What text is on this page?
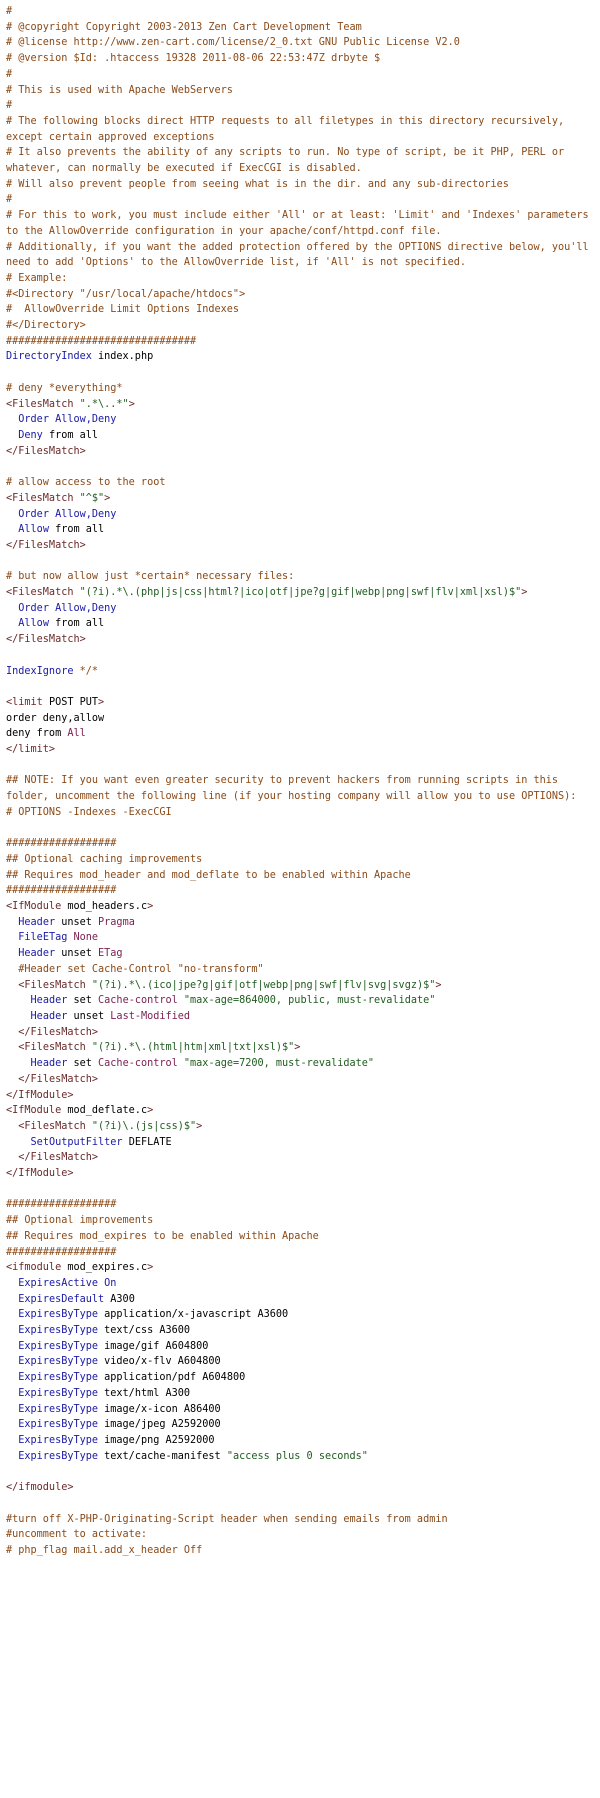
#
# @copyright Copyright 2003-2013 Zen Cart Development Team
# @license http://www.zen-cart.com/license/2_0.txt GNU Public License V2.0
# @version $Id: .htaccess 19328 2011-08-06 22:53:47Z drbyte $
#
# This is used with Apache WebServers
#
# The following blocks direct HTTP requests to all filetypes in this directory recursively, except certain approved exceptions
# It also prevents the ability of any scripts to run. No type of script, be it PHP, PERL or whatever, can normally be executed if ExecCGI is disabled.
# Will also prevent people from seeing what is in the dir. and any sub-directories
#
# For this to work, you must include either 'All' or at least: 'Limit' and 'Indexes' parameters to the AllowOverride configuration in your apache/conf/httpd.conf file.
# Additionally, if you want the added protection offered by the OPTIONS directive below, you'll need to add 'Options' to the AllowOverride list, if 'All' is not specified.
# Example:
#<Directory "/usr/local/apache/htdocs">
#  AllowOverride Limit Options Indexes
#</Directory>
###############################
DirectoryIndex index.php
# deny *everything*
<FilesMatch ".*\..*">
Order Allow,Deny
Deny from all
</FilesMatch>
# allow access to the root
<FilesMatch "^$">
Order Allow,Deny
Allow from all
</FilesMatch>
# but now allow just *certain* necessary files:
<FilesMatch "(?i).*\.(php|js|css|html?|ico|otf|jpe?g|gif|webp|png|swf|flv|xml|xsl)$">
Order Allow,Deny
Allow from all
</FilesMatch>
IndexIgnore */*
<limit POST PUT>
order deny,allow
deny from All
</limit>
## NOTE: If you want even greater security to prevent hackers from running scripts in this folder, uncomment the following line (if your hosting company will allow you to use OPTIONS):
# OPTIONS -Indexes -ExecCGI
##################
## Optional caching improvements
## Requires mod_header and mod_deflate to be enabled within Apache
##################
<IfModule mod_headers.c>
Header unset Pragma
FileETag None
Header unset ETag
#Header set Cache-Control "no-transform"
<FilesMatch "(?i).*\.(ico|jpe?g|gif|otf|webp|png|swf|flv|svg|svgz)$">
Header set Cache-control "max-age=864000, public, must-revalidate"
Header unset Last-Modified
</FilesMatch>
<FilesMatch "(?i).*\.(html|htm|xml|txt|xsl)$">
Header set Cache-control "max-age=7200, must-revalidate"
</FilesMatch>
</IfModule>
<IfModule mod_deflate.c>
<FilesMatch "(?i)\.(js|css)$">
SetOutputFilter DEFLATE
</FilesMatch>
</IfModule>
##################
## Optional improvements
## Requires mod_expires to be enabled within Apache
##################
<ifmodule mod_expires.c>
ExpiresActive On
ExpiresDefault A300
ExpiresByType application/x-javascript A3600
ExpiresByType text/css A3600
ExpiresByType image/gif A604800
ExpiresByType video/x-flv A604800
ExpiresByType application/pdf A604800
ExpiresByType text/html A300
ExpiresByType image/x-icon A86400
ExpiresByType image/jpeg A2592000
ExpiresByType image/png A2592000
ExpiresByType text/cache-manifest "access plus 0 seconds"
</ifmodule>
#turn off X-PHP-Originating-Script header when sending emails from admin
#uncomment to activate:
# php_flag mail.add_x_header Off
